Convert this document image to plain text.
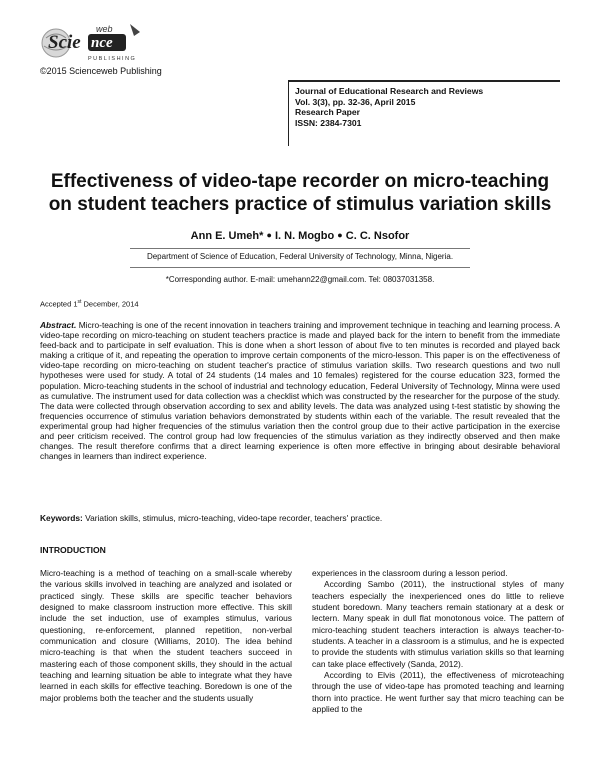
Scie nce
web
PUBLISHING
©2015 Scienceweb Publishing
Journal of Educational Research and Reviews
Vol. 3(3), pp. 32-36, April 2015
Research Paper
ISSN: 2384-7301
Effectiveness of video-tape recorder on micro-teaching
on student teachers practice of stimulus variation skills
Ann E. Umeh* ● I. N. Mogbo ● C. C. Nsofor
Department of Science of Education, Federal University of Technology, Minna, Nigeria.
*Corresponding author. E-mail: umehann22@gmail.com. Tel: 08037031358.
Accepted 1st December, 2014
Abstract. Micro-teaching is one of the recent innovation in teachers training and improvement technique in teaching and learning process. A video-tape recording on micro-teaching on student teachers practice is made and played back for the intern to benefit from the immediate feed-back and to participate in self evaluation. This is done when a short lesson of about five to ten minutes is recorded and played back making a critique of it, and repeating the operation to improve certain components of the micro-lesson. This paper is on the effectiveness of video-tape recording on micro-teaching on student teacher's practice of stimulus variation skills. Two research questions and two null hypotheses were used for study. A total of 24 students (14 males and 10 females) registered for the course education 323, formed the population. Micro-teaching students in the school of industrial and technology education, Federal University of Technology, Minna were used as cumulative. The instrument used for data collection was a checklist which was constructed by the researcher for the purpose of the study. The data were collected through observation according to sex and ability levels. The data was analyzed using t-test statistic by showing the frequencies occurrence of stimulus variation behaviors demonstrated by students within each of the variable. The result revealed that the experimental group had higher frequencies of the stimulus variation then the control group due to their active participation in the exercise and peer criticism received. The control group had low frequencies of the stimulus variation as they indirectly observed and then make changes. The result therefore confirms that a direct learning experience is often more effective in bringing about desirable behavioral changes in learners than indirect experience.
Keywords: Variation skills, stimulus, micro-teaching, video-tape recorder, teachers' practice.
INTRODUCTION

Micro-teaching is a method of teaching on a small-scale whereby the various skills involved in teaching are analyzed and isolated or practiced singly. These skills are specific teacher behaviors designed to make classroom instruction more effective. This skill include the set induction, use of examples stimulus, various questioning, re-enforcement, planned repetition, non-verbal communication and closure (Williams, 2010). The idea behind micro-teaching is that when the student teachers succeed in mastering each of those component skills, they should in the actual teaching and learning situation be able to integrate what they have learned in each skills for effective teaching. Boredown is one of the major problems both the teacher and the students usually

experiences in the classroom during a lesson period.

According Sambo (2011), the instructional styles of many teachers especially the inexperienced ones do little to relieve student boredown. Many teachers remain stationary at a desk or lectern. Many speak in dull flat monotonous voice. The pattern of micro-teaching student teachers interaction is always teacher-to-students. A teacher in a classroom is a stimulus, and he is expected to provide the students with stimulus variation skills so that learning can take place effectively (Sanda, 2012).

According to Elvis (2011), the effectiveness of microteaching through the use of video-tape has promoted teaching and learning thorn into practice. He went further say that micro teaching can be applied to the
